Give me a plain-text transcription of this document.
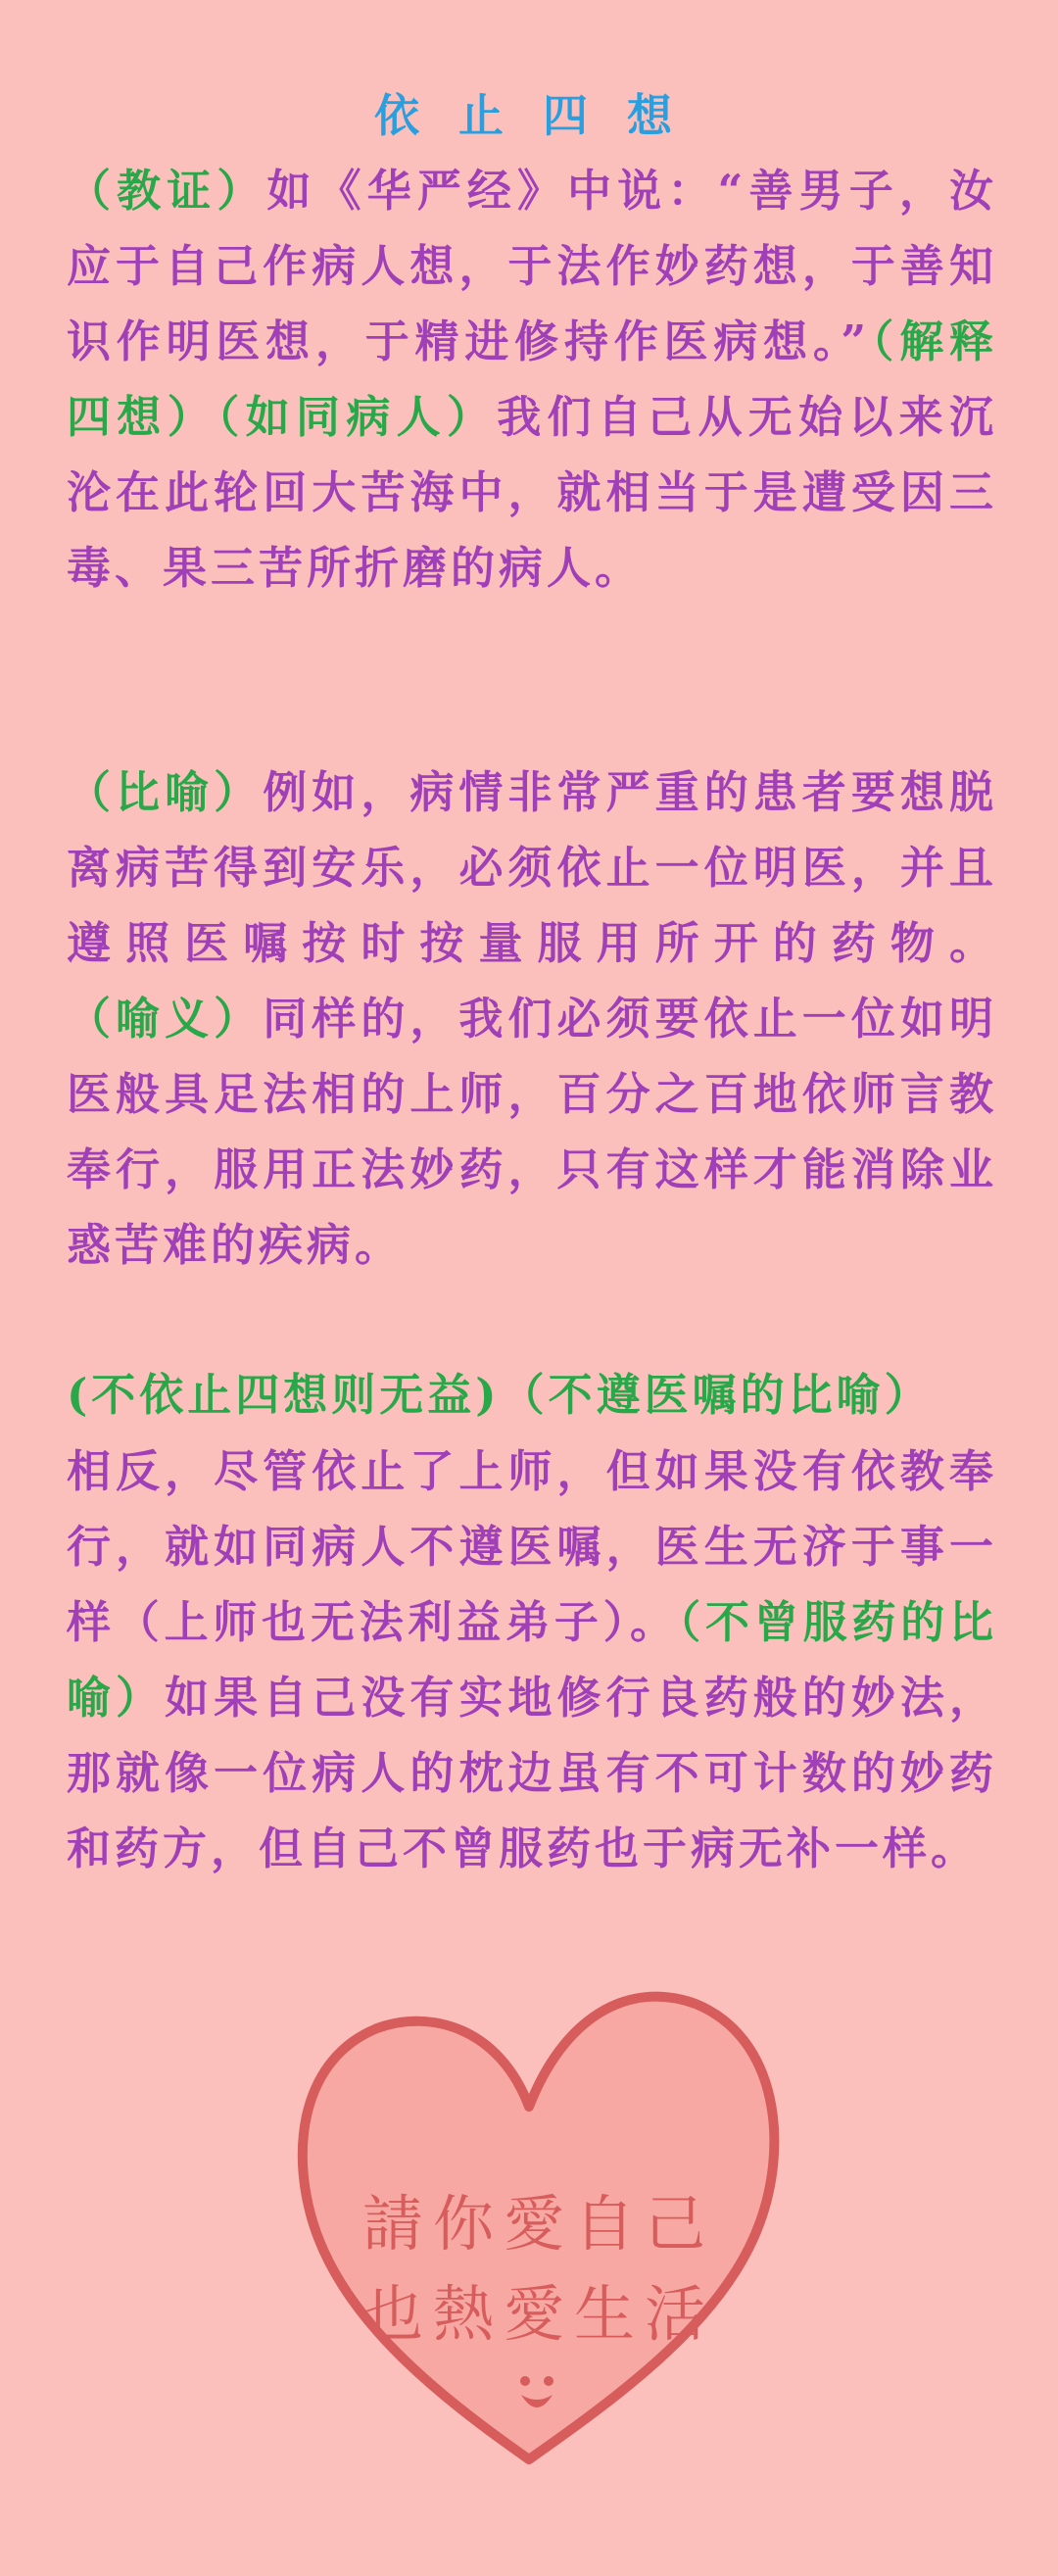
依 止 四 想
（教证）如《华严经》中说：“善男子，汝应于自己作病人想，于法作妙药想，于善知识作明医想，于精进修持作医病想。”（解释四想）（如同病人）我们自己从无始以来沉沦在此轮回大苦海中，就相当于是遭受因三毒、果三苦所折磨的病人。
（比喻）例如，病情非常严重的患者要想脱离病苦得到安乐，必须依止一位明医，并且遵照医嘱按时按量服用所开的药物。（喻义）同样的，我们必须要依止一位如明医般具足法相的上师，百分之百地依师言教奉行，服用正法妙药，只有这样才能消除业惑苦难的疾病。
(不依止四想则无益)（不遵医嘱的比喻）
相反，尽管依止了上师，但如果没有依教奉行，就如同病人不遵医嘱，医生无济于事一样（上师也无法利益弟子）。（不曾服药的比喻）如果自己没有实地修行良药般的妙法，那就像一位病人的枕边虽有不可计数的妙药和药方，但自己不曾服药也于病无补一样。
請你愛自己
也熱愛生活
